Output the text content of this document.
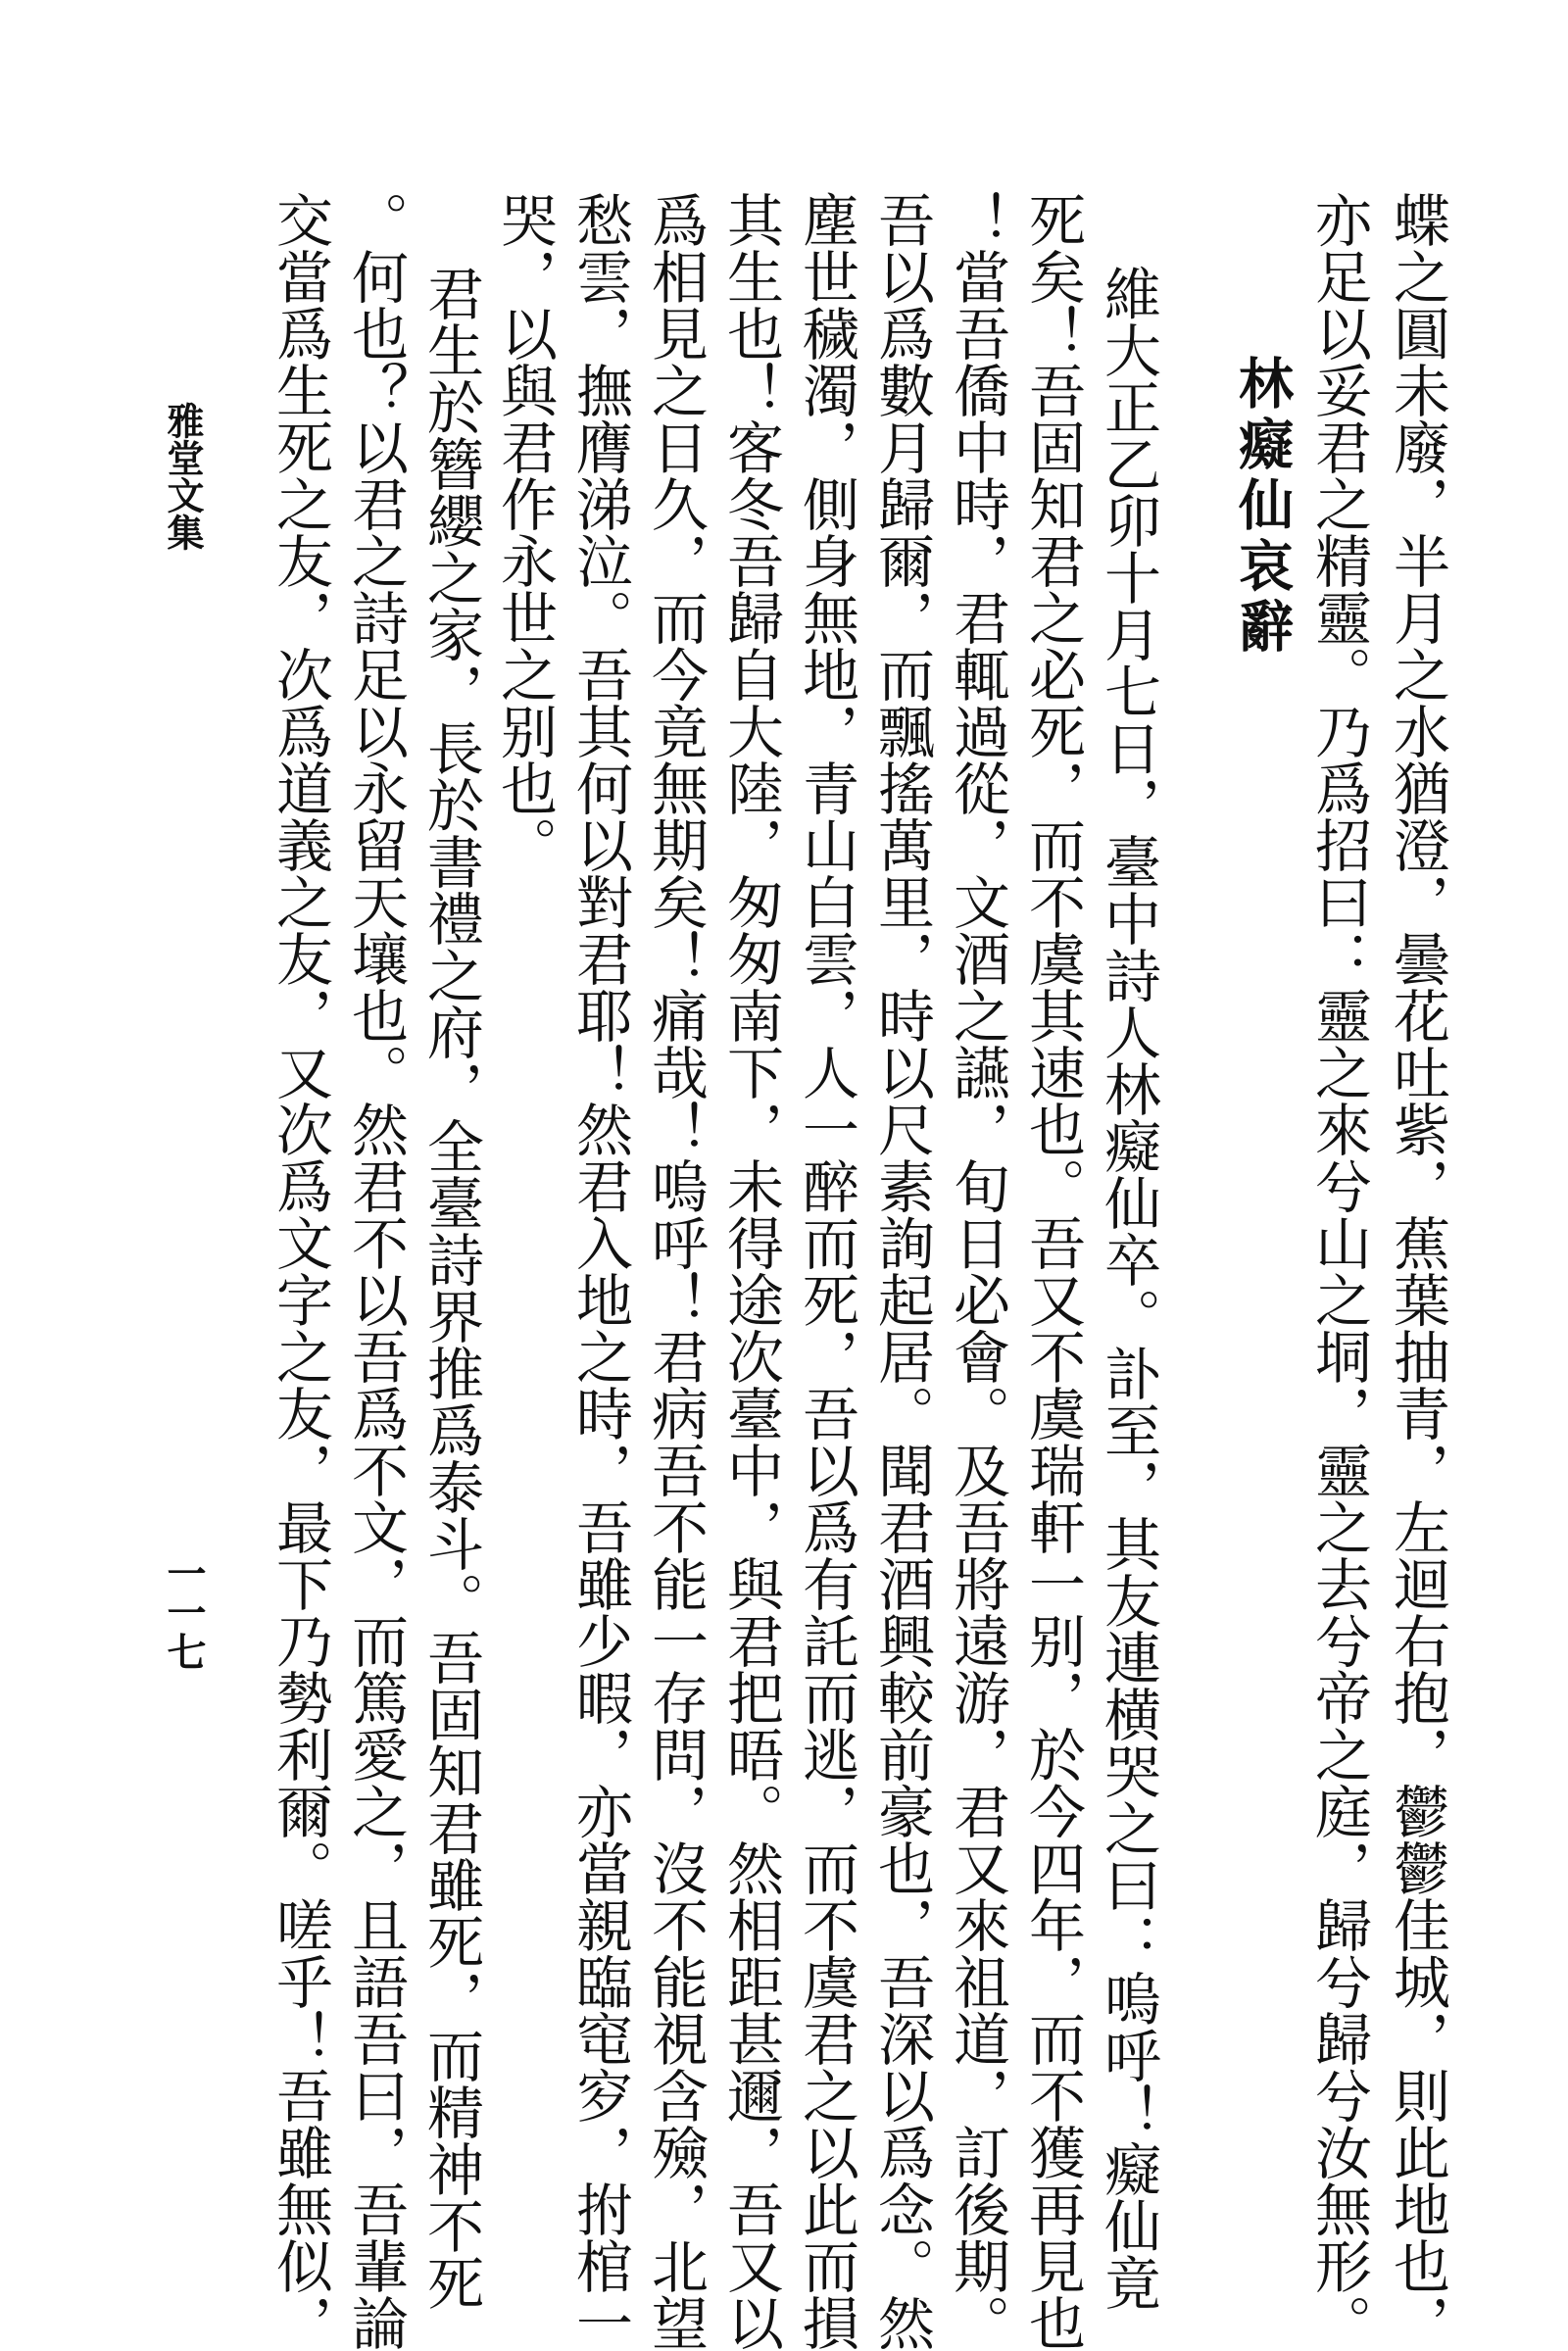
蝶之圓未廢，半月之水猶澄，曇花吐紫，蕉葉抽青，左迴右抱，鬱鬱佳城，則此地也，
亦足以妥君之精靈。乃爲招曰：靈之來兮山之垌，靈之去兮帝之庭，歸兮歸兮汝無形。
林癡仙哀辭
維大正乙卯十月七日，臺中詩人林癡仙卒。訃至，其友連横哭之曰：嗚呼！癡仙竟
死矣！吾固知君之必死，而不虞其速也。吾又不虞瑞軒一别，於今四年，而不獲再見也
！當吾僑中時，君輒過從，文酒之讌，旬日必會。及吾將遠游，君又來祖道，訂後期。
吾以爲數月歸爾，而飄搖萬里，時以尺素詢起居。聞君酒興較前豪也，吾深以爲念。然
塵世穢濁，側身無地，青山白雲，人一醉而死，吾以爲有託而逃，而不虞君之以此而損
其生也！客冬吾歸自大陸，匆匆南下，未得途次臺中，與君把晤。然相距甚邇，吾又以
爲相見之日久，而今竟無期矣！痛哉！嗚呼！君病吾不能一存問，沒不能視含殮，北望
愁雲，撫膺涕泣。吾其何以對君耶！然君入地之時，吾雖少暇，亦當親臨窀穸，拊棺一
哭，以與君作永世之别也。
君生於簪纓之家，長於書禮之府，全臺詩界推爲泰斗。吾固知君雖死，而精神不死
。何也？以君之詩足以永留天壤也。然君不以吾爲不文，而篤愛之，且語吾曰，吾輩論
交當爲生死之友，次爲道義之友，又次爲文字之友，最下乃勢利爾。嗟乎！吾雖無似，
雅堂文集
一一七
